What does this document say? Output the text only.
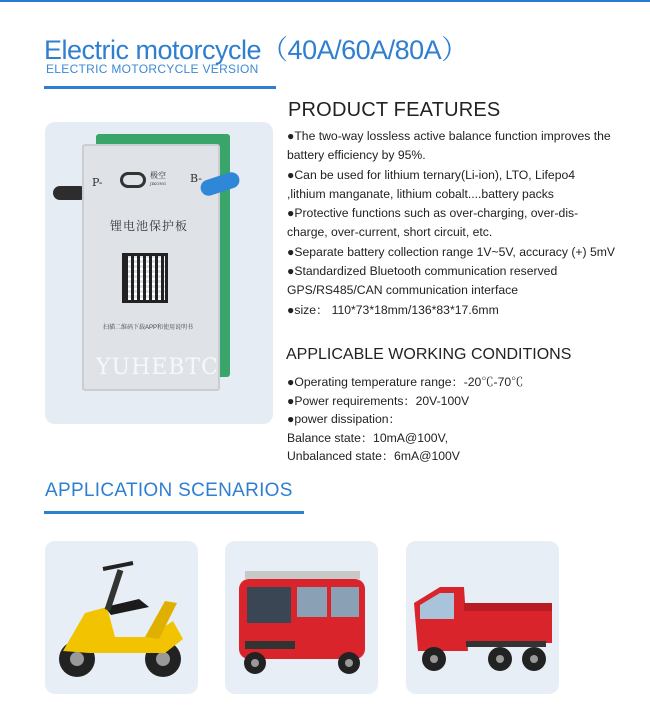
Electric motorcycle（40A/60A/80A）
ELECTRIC MOTORCYCLE VERSION
P-
极空
JIKONG B-
锂电池保护板
扫描二维码下载APP和使用说明书
YUHEBTC
PRODUCT FEATURES

●The two-way lossless active balance function improves the battery efficiency by 95%.

●Can be used for lithium ternary(Li-ion), LTO, Lifepo4 ,lithium manganate, lithium cobalt....battery packs

●Protective functions such as over-charging, over-dis-charge, over-current, short circuit, etc.

●Separate battery collection range 1V~5V, accuracy (+) 5mV

●Standardized Bluetooth communication reserved GPS/RS485/CAN communication interface

●size： 110*73*18mm/136*83*17.6mm

APPLICABLE WORKING CONDITIONS

●Operating temperature range：-20℃-70℃

●Power requirements：20V-100V

●power dissipation：

Balance state：10mA@100V,

Unbalanced state：6mA@100V

APPLICATION SCENARIOS
